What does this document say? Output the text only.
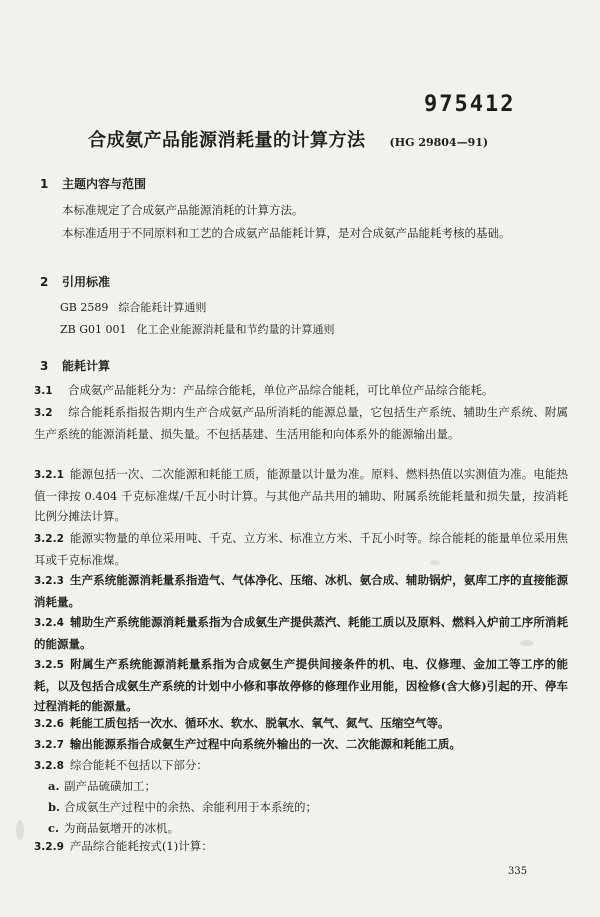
975412
合成氨产品能源消耗量的计算方法 (HG 29804—91)
1 主题内容与范围
本标准规定了合成氨产品能源消耗的计算方法。
本标准适用于不同原料和工艺的合成氨产品能耗计算，是对合成氨产品能耗考核的基础。
2 引用标准
GB 2589 综合能耗计算通则
ZB G01 001 化工企业能源消耗量和节约量的计算通则
3 能耗计算
3.1 合成氨产品能耗分为：产品综合能耗，单位产品综合能耗，可比单位产品综合能耗。
3.2 综合能耗系指报告期内生产合成氨产品所消耗的能源总量，它包括生产系统、辅助生产系统、附属生产系统的能源消耗量、损失量。不包括基建、生活用能和向体系外的能源输出量。
3.2.1 能源包括一次、二次能源和耗能工质，能源量以计量为准。原料、燃料热值以实测值为准。电能热值一律按 0.404 千克标准煤/千瓦小时计算。与其他产品共用的辅助、附属系统能耗量和损失量，按消耗比例分摊法计算。
3.2.2 能源实物量的单位采用吨、千克、立方米、标准立方米、千瓦小时等。综合能耗的能量单位采用焦耳或千克标准煤。
3.2.3 生产系统能源消耗量系指造气、气体净化、压缩、冰机、氨合成、辅助锅炉，氨库工序的直接能源消耗量。
3.2.4 辅助生产系统能源消耗量系指为合成氨生产提供蒸汽、耗能工质以及原料、燃料入炉前工序所消耗的能源量。
3.2.5 附属生产系统能源消耗量系指为合成氨生产提供间接条件的机、电、仪修理、金加工等工序的能耗，以及包括合成氨生产系统的计划中小修和事故停修的修理作业用能，因检修(含大修)引起的开、停车过程消耗的能源量。
3.2.6 耗能工质包括一次水、循环水、软水、脱氧水、氧气、氮气、压缩空气等。
3.2.7 输出能源系指合成氨生产过程中向系统外输出的一次、二次能源和耗能工质。
3.2.8 综合能耗不包括以下部分：
a. 副产品硫磺加工；
b. 合成氨生产过程中的余热、余能利用于本系统的；
c. 为商品氨增开的冰机。
3.2.9 产品综合能耗按式(1)计算：
335
